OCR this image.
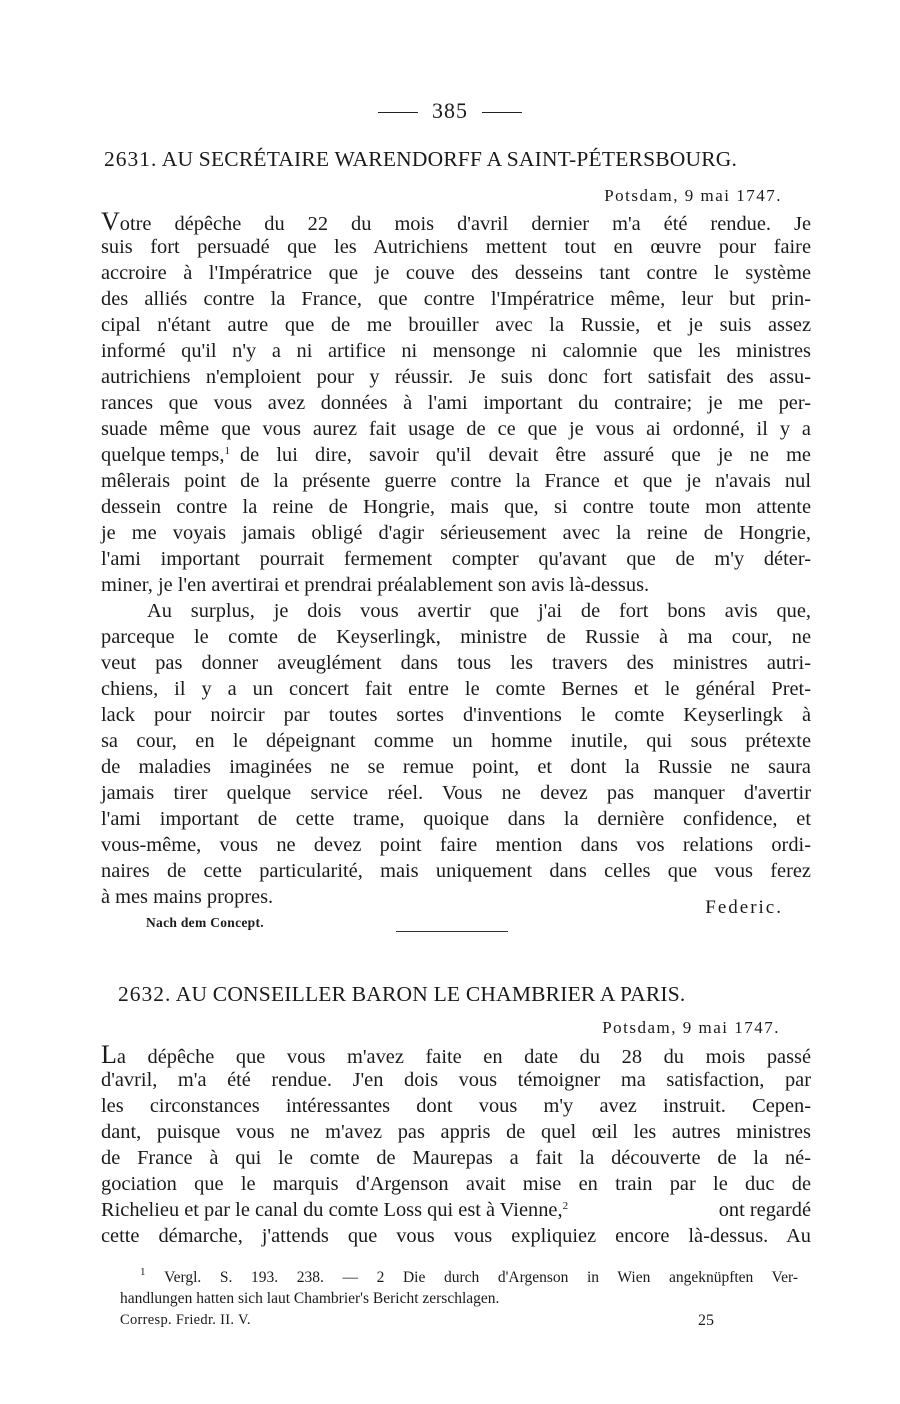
385
2631. AU SECRÉTAIRE WARENDORFF A SAINT-PÉTERSBOURG.
Potsdam, 9 mai 1747.
Votre dépêche du 22 du mois d'avril dernier m'a été rendue. Je
suis fort persuadé que les Autrichiens mettent tout en œuvre pour faire
accroire à l'Impératrice que je couve des desseins tant contre le système
des alliés contre la France, que contre l'Impératrice même, leur but prin-
cipal n'étant autre que de me brouiller avec la Russie, et je suis assez
informé qu'il n'y a ni artifice ni mensonge ni calomnie que les ministres
autrichiens n'emploient pour y réussir. Je suis donc fort satisfait des assu-
rances que vous avez données à l'ami important du contraire; je me per-
suade même que vous aurez fait usage de ce que je vous ai ordonné, il y a
quelque temps,$^1$ de lui dire, savoir qu'il devait être assuré que je ne me
mêlerais point de la présente guerre contre la France et que je n'avais nul
dessein contre la reine de Hongrie, mais que, si contre toute mon attente
je me voyais jamais obligé d'agir sérieusement avec la reine de Hongrie,
l'ami important pourrait fermement compter qu'avant que de m'y déter-
miner, je l'en avertirai et prendrai préalablement son avis là-dessus.
Au surplus, je dois vous avertir que j'ai de fort bons avis que,
parceque le comte de Keyserlingk, ministre de Russie à ma cour, ne
veut pas donner aveuglément dans tous les travers des ministres autri-
chiens, il y a un concert fait entre le comte Bernes et le général Pret-
lack pour noircir par toutes sortes d'inventions le comte Keyserlingk à
sa cour, en le dépeignant comme un homme inutile, qui sous prétexte
de maladies imaginées ne se remue point, et dont la Russie ne saura
jamais tirer quelque service réel. Vous ne devez pas manquer d'avertir
l'ami important de cette trame, quoique dans la dernière confidence, et
vous-même, vous ne devez point faire mention dans vos relations ordi-
naires de cette particularité, mais uniquement dans celles que vous ferez
à mes mains propres.	Federic.
Nach dem Concept.
2632. AU CONSEILLER BARON LE CHAMBRIER A PARIS.
Potsdam, 9 mai 1747.
La dépêche que vous m'avez faite en date du 28 du mois passé
d'avril, m'a été rendue. J'en dois vous témoigner ma satisfaction, par
les circonstances intéressantes dont vous m'y avez instruit. Cepen-
dant, puisque vous ne m'avez pas appris de quel œil les autres ministres
de France à qui le comte de Maurepas a fait la découverte de la né-
gociation que le marquis d'Argenson avait mise en train par le duc de
Richelieu et par le canal du comte Loss qui est à Vienne,$^2$	ont regardé
cette démarche, j'attends que vous vous expliquiez encore là-dessus. Au
$^1$ Vergl. S. 193. 238. — 2 Die durch d'Argenson in Wien angeknüpften Ver-
handlungen hatten sich laut Chambrier's Bericht zerschlagen.
Corresp. Friedr. II. V.	25
